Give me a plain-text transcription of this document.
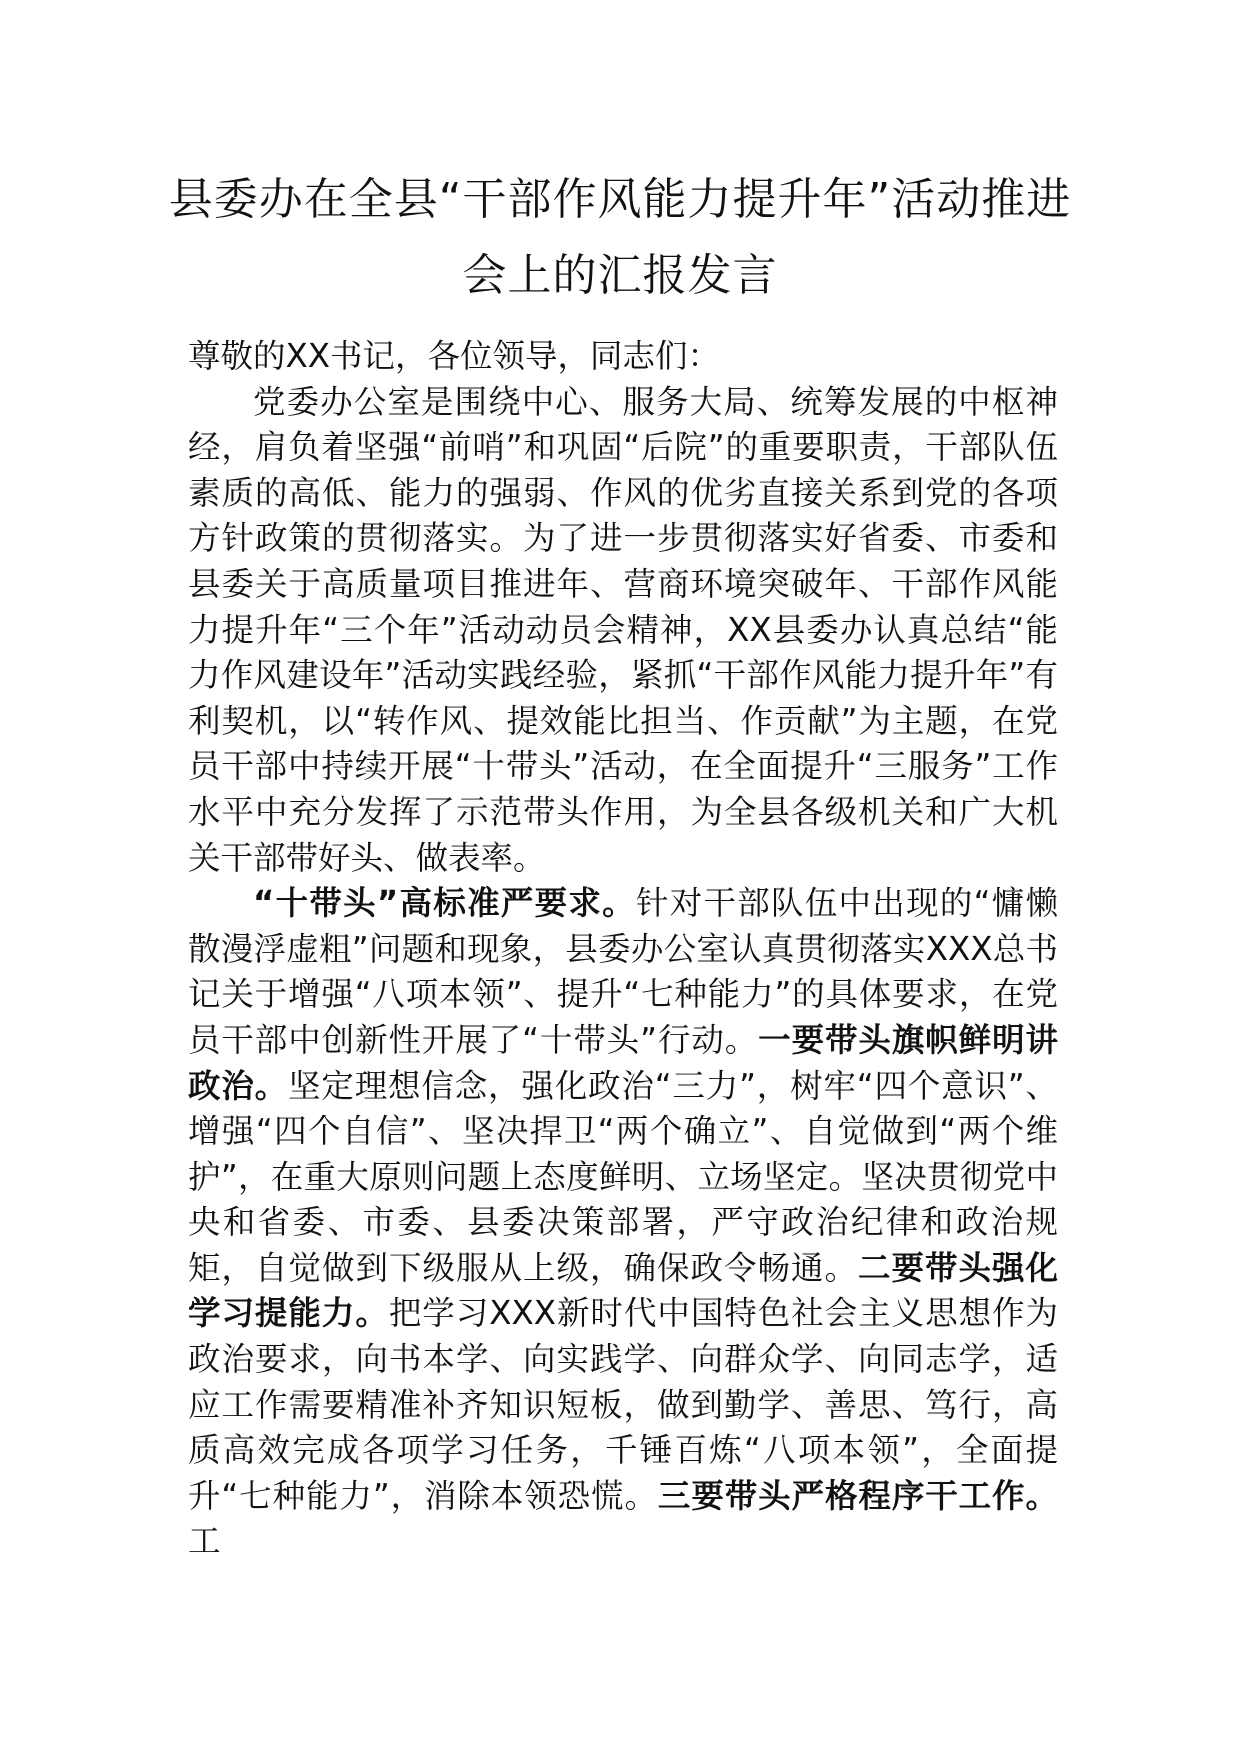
县委办在全县“干部作风能力提升年”活动推进会上的汇报发言

尊敬的XX书记，各位领导，同志们：

党委办公室是围绕中心、服务大局、统筹发展的中枢神经，肩负着坚强“前哨”和巩固“后院”的重要职责，干部队伍素质的高低、能力的强弱、作风的优劣直接关系到党的各项方针政策的贯彻落实。为了进一步贯彻落实好省委、市委和县委关于高质量项目推进年、营商环境突破年、干部作风能力提升年“三个年”活动动员会精神，XX县委办认真总结“能力作风建设年”活动实践经验，紧抓“干部作风能力提升年”有利契机，以“转作风、提效能比担当、作贡献”为主题，在党员干部中持续开展“十带头”活动，在全面提升“三服务”工作水平中充分发挥了示范带头作用，为全县各级机关和广大机关干部带好头、做表率。

“十带头”高标准严要求。针对干部队伍中出现的“慵懒散漫浮虚粗”问题和现象，县委办公室认真贯彻落实XXX总书记关于增强“八项本领”、提升“七种能力”的具体要求，在党员干部中创新性开展了“十带头”行动。一要带头旗帜鲜明讲政治。坚定理想信念，强化政治“三力”，树牢“四个意识”、增强“四个自信”、坚决捍卫“两个确立”、自觉做到“两个维护”，在重大原则问题上态度鲜明、立场坚定。坚决贯彻党中央和省委、市委、县委决策部署，严守政治纪律和政治规矩，自觉做到下级服从上级，确保政令畅通。二要带头强化学习提能力。把学习XXX新时代中国特色社会主义思想作为政治要求，向书本学、向实践学、向群众学、向同志学，适应工作需要精准补齐知识短板，做到勤学、善思、笃行，高质高效完成各项学习任务，千锤百炼“八项本领”，全面提升“七种能力”，消除本领恐慌。三要带头严格程序干工作。工
